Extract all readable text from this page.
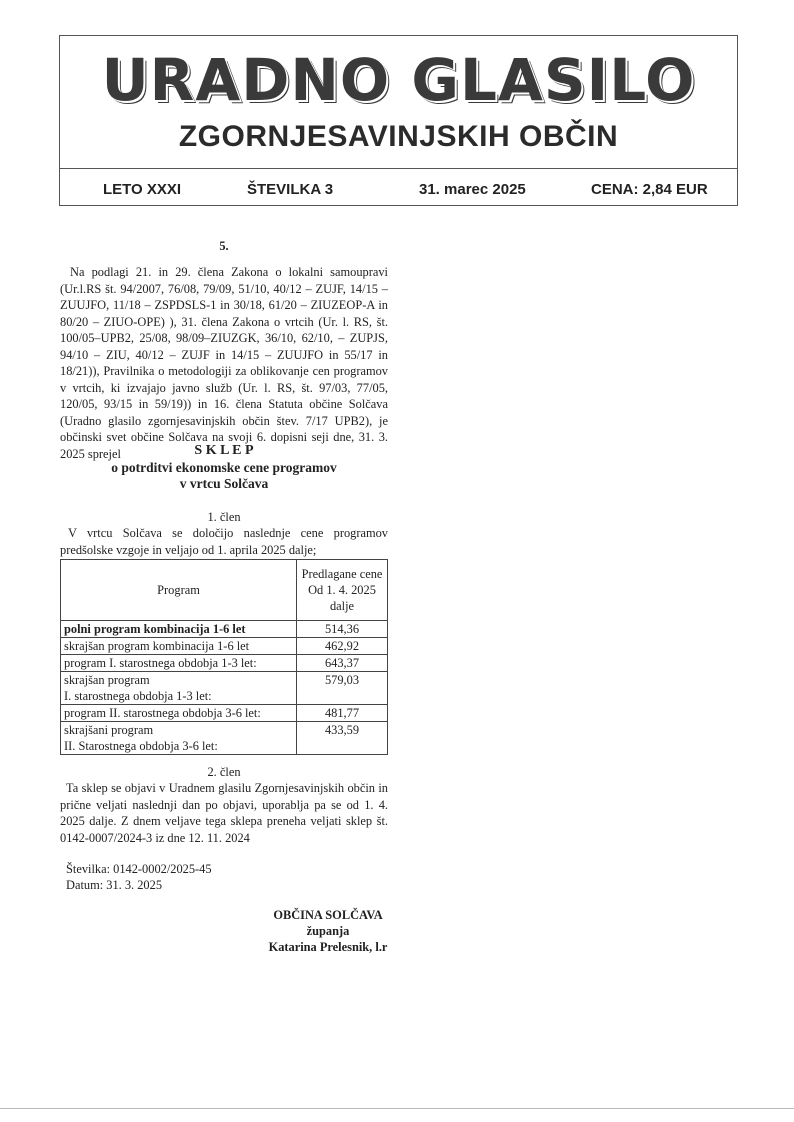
URADNO GLASILO
ZGORNJESAVINJSKIH OBČIN
LETO XXXI	ŠTEVILKA 3	31. marec 2025	CENA: 2,84 EUR
5.
Na podlagi 21. in 29. člena Zakona o lokalni samoupravi (Ur.l.RS št. 94/2007, 76/08, 79/09, 51/10, 40/12 – ZUJF, 14/15 – ZUUJFO, 11/18 – ZSPDSLS-1 in 30/18, 61/20 – ZIUZEOP-A in 80/20 – ZIUO-OPE) ), 31. člena Zakona o vrtcih (Ur. l. RS, št. 100/05–UPB2, 25/08, 98/09–ZIUZGK, 36/10, 62/10, – ZUPJS, 94/10 – ZIU, 40/12 – ZUJF in 14/15 – ZUUJFO in 55/17 in 18/21)), Pravilnika o metodologiji za oblikovanje cen programov v vrtcih, ki izvajajo javno služb (Ur. l. RS, št. 97/03, 77/05, 120/05, 93/15 in 59/19)) in 16. člena Statuta občine Solčava (Uradno glasilo zgornjesavinjskih občin štev. 7/17 UPB2), je občinski svet občine Solčava na svoji 6. dopisni seji dne, 31. 3. 2025 sprejel	S K L E P
o potrditvi ekonomske cene programov
v vrtcu Solčava
1. člen
V vrtcu Solčava se določijo naslednje cene programov predšolske vzgoje in veljajo od 1. aprila 2025 dalje;
Program	Predlagane cene Od 1. 4. 2025 dalje
polni program kombinacija 1-6 let	514,36
skrajšan program kombinacija 1-6 let	462,92
program I. starostnega obdobja 1-3 let:	643,37

skrajšan program
I. starostnega obdobja 1-3 let:	579,03
program II. starostnega obdobja 3-6 let:	481,77

skrajšani program
II. Starostnega obdobja 3-6 let:	433,59
2. člen
Ta sklep se objavi v Uradnem glasilu Zgornjesavinjskih občin in prične veljati naslednji dan po objavi, uporablja pa se od 1. 4. 2025 dalje. Z dnem veljave tega sklepa preneha veljati sklep št. 0142-0007/2024-3 iz dne 12. 11. 2024
Številka: 0142-0002/2025-45
Datum: 31. 3. 2025
OBČINA SOLČAVA
županja
Katarina Prelesnik, l.r
